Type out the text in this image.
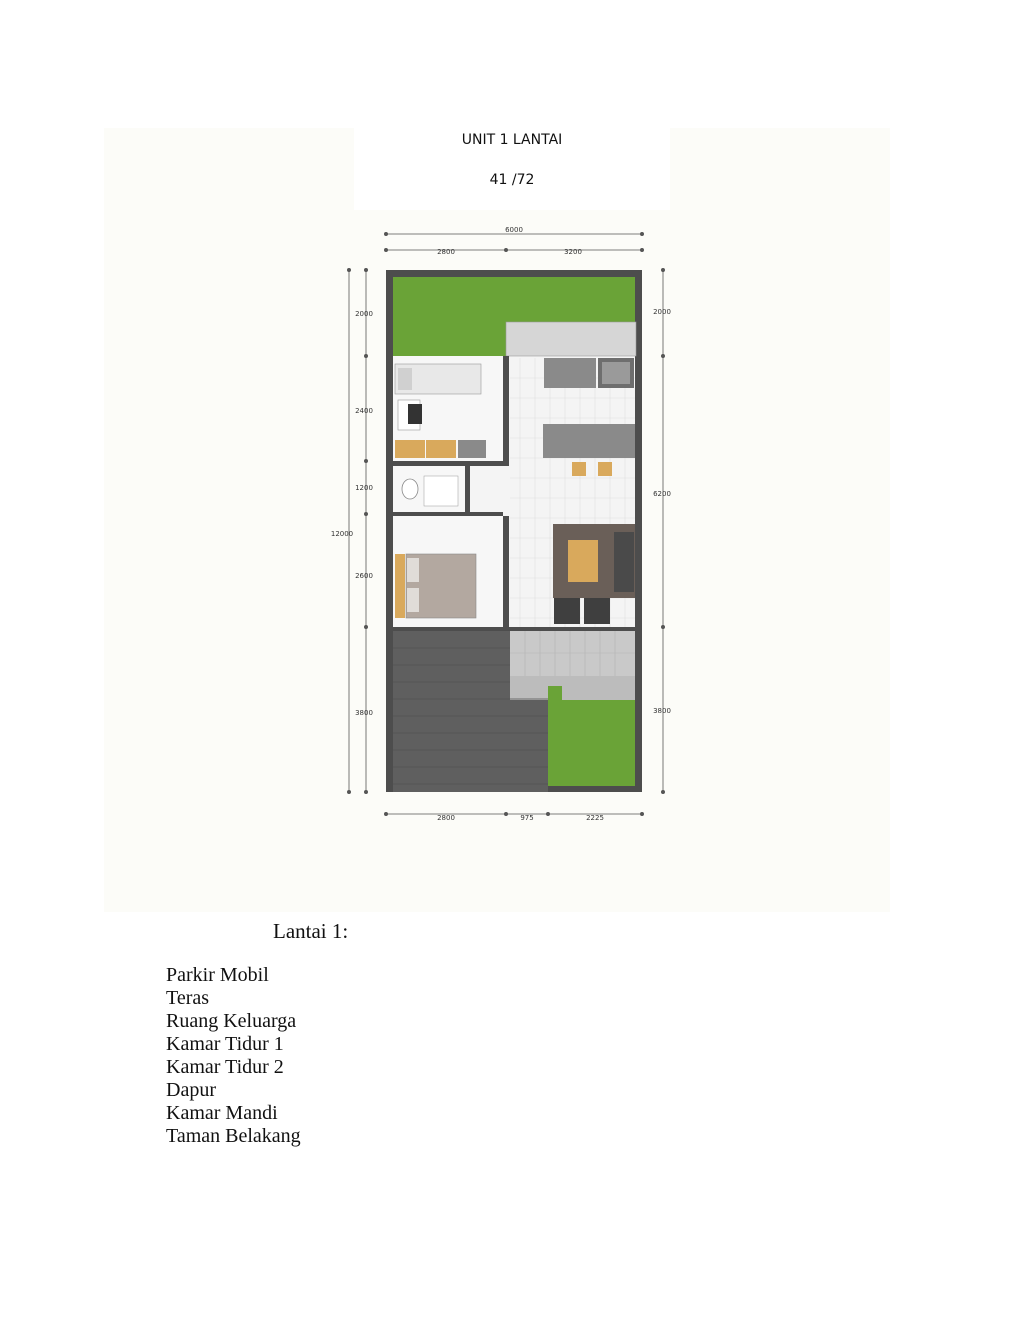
UNIT 1 LANTAI
41 /72
6000
2800	3200
2000
2400
1200
2600
3800
12000
2000
6200
3800
2800	975	2225
Lantai 1:
Parkir Mobil
Teras
Ruang Keluarga
Kamar Tidur 1
Kamar Tidur 2
Dapur
Kamar Mandi
Taman Belakang
